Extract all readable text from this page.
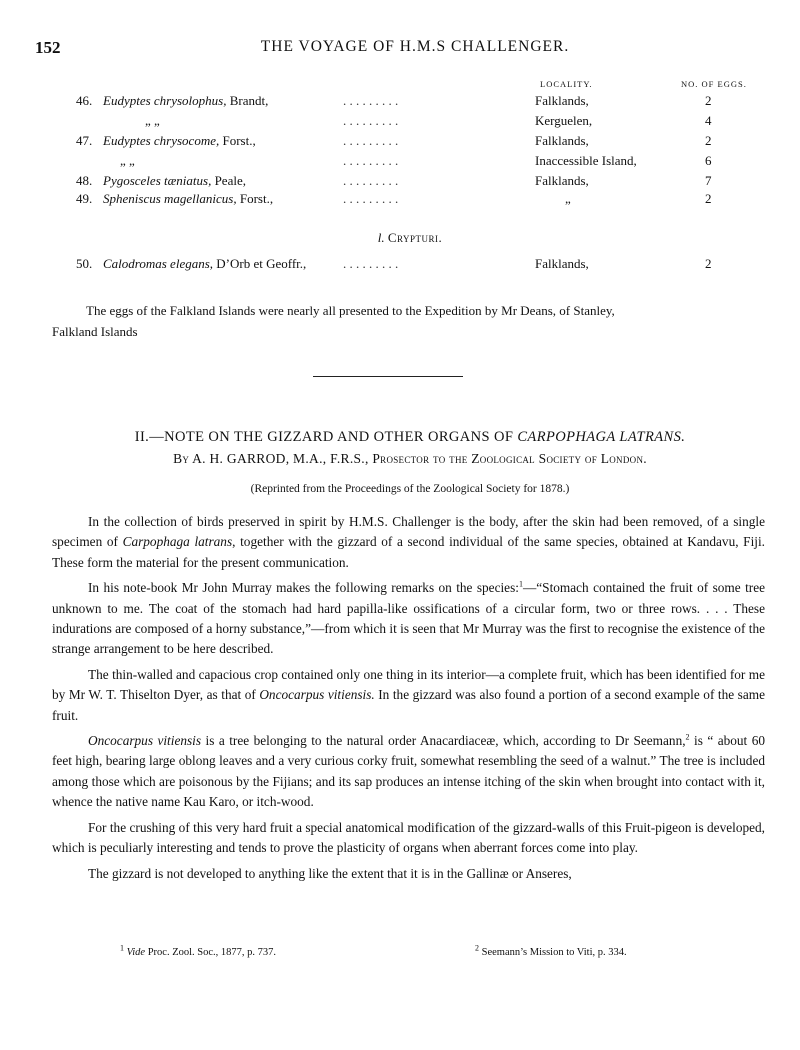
152	THE VOYAGE OF H.M.S CHALLENGER.
LOCALITY.	NO. OF EGGS.
46. Eudyptes chrysolophus, Brandt,	. . . . . . . . .	Falklands,	2
„ „	. . . . . . . . .	Kerguelen,	4
47. Eudyptes chrysocome, Forst.,	. . . . . . . . .	Falklands,	2
„ „	. . . . . . . . .	Inaccessible Island,	6
48. Pygosceles tæniatus, Peale,	. . . . . . . . .	Falklands,	7
49. Spheniscus magellanicus, Forst.,	. . . . . . . . .	„	2
l. Crypturi.
50. Calodromas elegans, D’Orb et Geoffr.,	. . . . . . . . .	Falklands,	2
The eggs of the Falkland Islands were nearly all presented to the Expedition by Mr Deans, of Stanley,
Falkland Islands
II.—NOTE ON THE GIZZARD AND OTHER ORGANS OF CARPOPHAGA LATRANS.
By A. H. GARROD, M.A., F.R.S., Prosector to the Zoological Society of London.
(Reprinted from the Proceedings of the Zoological Society for 1878.)

In the collection of birds preserved in spirit by H.M.S. Challenger is the body, after the skin had been removed, of a single specimen of Carpophaga latrans, together with the gizzard of a second individual of the same species, obtained at Kandavu, Fiji. These form the material for the present communication.

In his note-book Mr John Murray makes the following remarks on the species:$^1$—“Stomach contained the fruit of some tree unknown to me. The coat of the stomach had hard papilla-like ossifications of a circular form, two or three rows. . . . These indurations are composed of a horny substance,”—from which it is seen that Mr Murray was the first to recognise the existence of the strange arrangement to be here described.

The thin-walled and capacious crop contained only one thing in its interior—a complete fruit, which has been identified for me by Mr W. T. Thiselton Dyer, as that of Oncocarpus vitiensis. In the gizzard was also found a portion of a second example of the same fruit.

Oncocarpus vitiensis is a tree belonging to the natural order Anacardiaceæ, which, according to Dr Seemann,$^2$ is “ about 60 feet high, bearing large oblong leaves and a very curious corky fruit, somewhat resembling the seed of a walnut.” The tree is included among those which are poisonous by the Fijians; and its sap produces an intense itching of the skin when brought into contact with it, whence the native name Kau Karo, or itch-wood.

For the crushing of this very hard fruit a special anatomical modification of the gizzard-walls of this Fruit-pigeon is developed, which is peculiarly interesting and tends to prove the plasticity of organs when aberrant forces come into play.

The gizzard is not developed to anything like the extent that it is in the Gallinæ or Anseres,

$^1$ Vide Proc. Zool. Soc., 1877, p. 737.	$^2$ Seemann’s Mission to Viti, p. 334.
